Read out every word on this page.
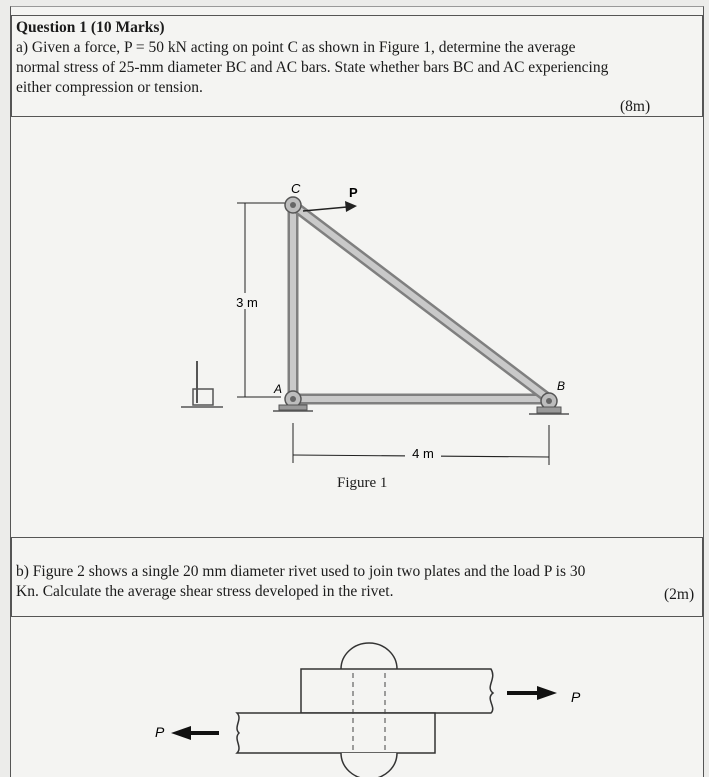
Question 1 (10 Marks)
a) Given a force, P = 50 kN acting on point C as shown in Figure 1, determine the average
normal stress of 25-mm diameter BC and AC bars. State whether bars BC and AC experiencing
either compression or tension.
(8m)
3 m
C	P
A	B
4 m
Figure 1
b) Figure 2 shows a single 20 mm diameter rivet used to join two plates and the load P is 30
Kn. Calculate the average shear stress developed in the rivet.	(2m)
P
P
